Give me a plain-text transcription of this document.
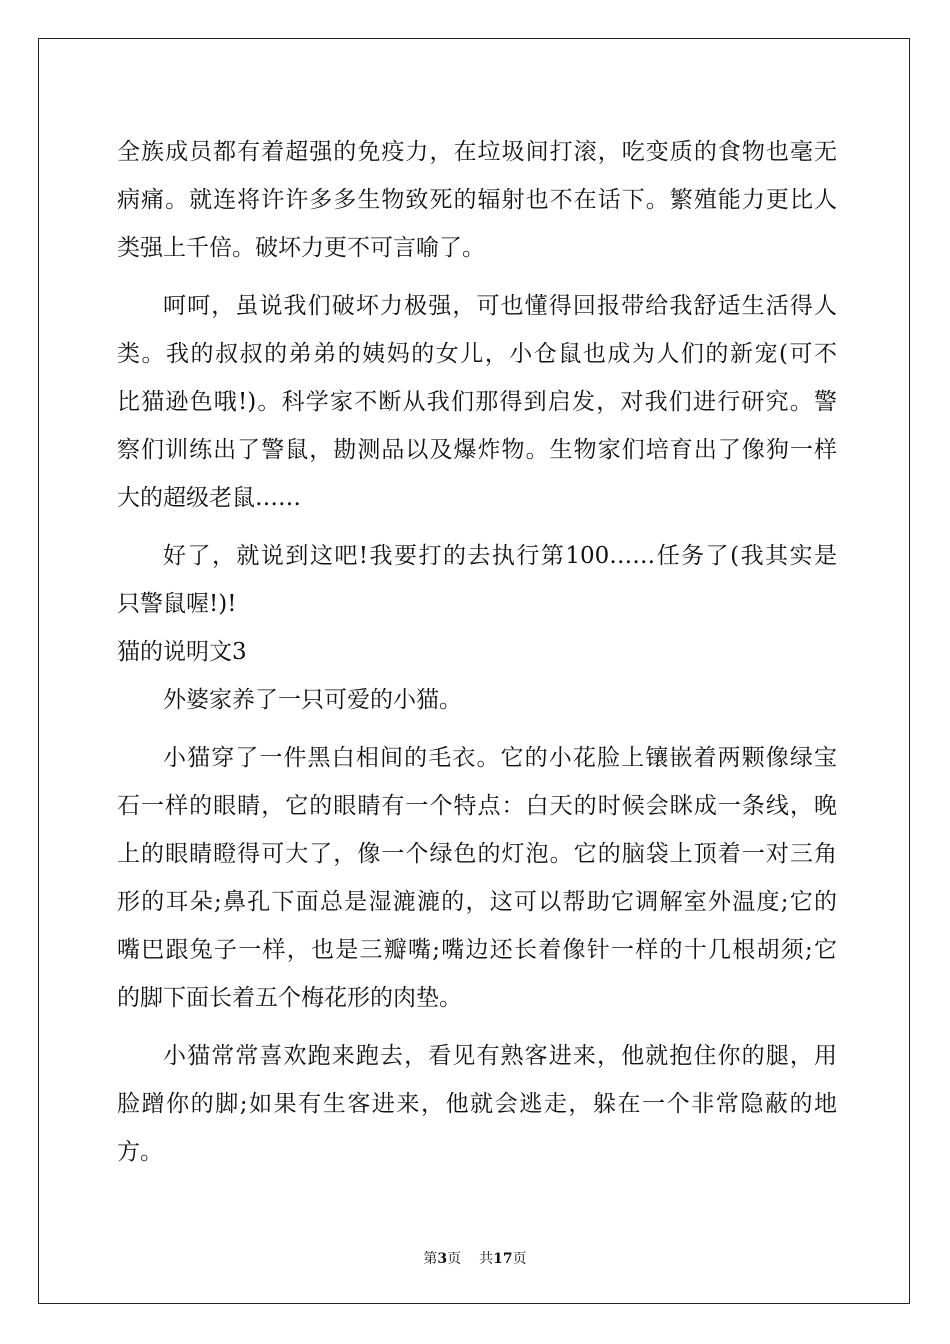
全族成员都有着超强的免疫力，在垃圾间打滚，吃变质的食物也毫无
病痛。就连将许许多多生物致死的辐射也不在话下。繁殖能力更比人
类强上千倍。破坏力更不可言喻了。
呵呵，虽说我们破坏力极强，可也懂得回报带给我舒适生活得人
类。我的叔叔的弟弟的姨妈的女儿，小仓鼠也成为人们的新宠(可不
比猫逊色哦!)。科学家不断从我们那得到启发，对我们进行研究。警
察们训练出了警鼠，勘测品以及爆炸物。生物家们培育出了像狗一样
大的超级老鼠……
好了，就说到这吧!我要打的去执行第100……任务了(我其实是
只警鼠喔!)!
猫的说明文3
外婆家养了一只可爱的小猫。
小猫穿了一件黑白相间的毛衣。它的小花脸上镶嵌着两颗像绿宝
石一样的眼睛，它的眼睛有一个特点：白天的时候会眯成一条线，晚
上的眼睛瞪得可大了，像一个绿色的灯泡。它的脑袋上顶着一对三角
形的耳朵;鼻孔下面总是湿漉漉的，这可以帮助它调解室外温度;它的
嘴巴跟兔子一样，也是三瓣嘴;嘴边还长着像针一样的十几根胡须;它
的脚下面长着五个梅花形的肉垫。
小猫常常喜欢跑来跑去，看见有熟客进来，他就抱住你的腿，用
脸蹭你的脚;如果有生客进来，他就会逃走，躲在一个非常隐蔽的地
方。
第3页 共17页
